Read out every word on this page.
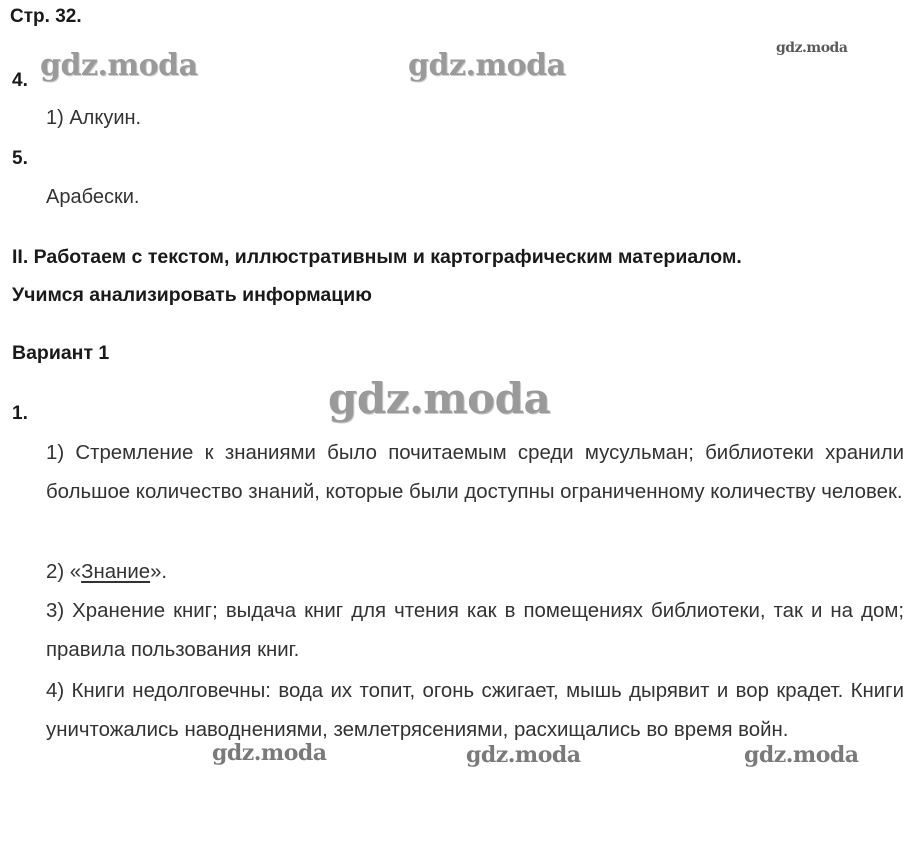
Стр. 32.
gdz.moda	gdz.moda	gdz.moda
gdz.moda
gdz.moda	gdz.moda	gdz.moda
4.
1) Алкуин.
5.
Арабески.
II. Работаем с текстом, иллюстративным и картографическим материалом.
Учимся анализировать информацию
Вариант 1
1.
1) Стремление к знаниями было почитаемым среди мусульман; библиотеки хранили большое количество знаний, которые были доступны ограниченному количеству человек.
2) «Знание».
3) Хранение книг; выдача книг для чтения как в помещениях библиотеки, так и на дом; правила пользования книг.
4) Книги недолговечны: вода их топит, огонь сжигает, мышь дырявит и вор крадет. Книги уничтожались наводнениями, землетрясениями, расхищались во время войн.
